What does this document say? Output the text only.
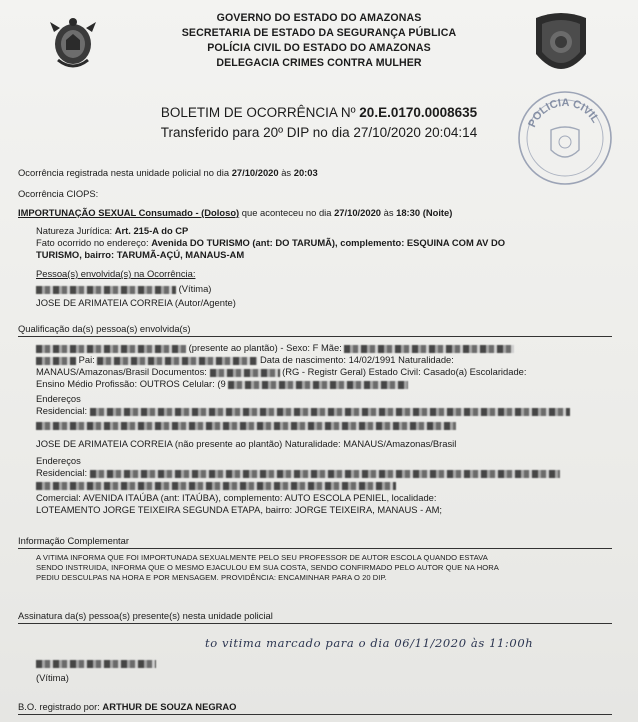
GOVERNO DO ESTADO DO AMAZONAS
SECRETARIA DE ESTADO DA SEGURANÇA PÚBLICA
POLÍCIA CIVIL DO ESTADO DO AMAZONAS
DELEGACIA CRIMES CONTRA MULHER
POLICIA CIVIL
BOLETIM DE OCORRÊNCIA Nº 20.E.0170.0008635
Transferido para 20º DIP no dia 27/10/2020 20:04:14
Ocorrência registrada nesta unidade policial no dia 27/10/2020 às 20:03
Ocorrência CIOPS:
IMPORTUNAÇÃO SEXUAL Consumado - (Doloso) que aconteceu no dia 27/10/2020 às 18:30 (Noite)
Natureza Jurídica: Art. 215-A do CP
Fato ocorrido no endereço: Avenida DO TURISMO (ant: DO TARUMÃ), complemento: ESQUINA COM AV DO
TURISMO, bairro: TARUMÃ-AÇÚ, MANAUS-AM
Pessoa(s) envolvida(s) na Ocorrência:
(Vítima)
JOSE DE ARIMATEIA CORREIA (Autor/Agente)
Qualificação da(s) pessoa(s) envolvida(s)
(presente ao plantão) - Sexo: F Mãe:
Pai:	Data de nascimento: 14/02/1991 Naturalidade:
MANAUS/Amazonas/Brasil Documentos:	(RG - Registr Geral) Estado Civil: Casado(a) Escolaridade:
Ensino Médio Profissão: OUTROS Celular: (9
Endereços
Residencial:
JOSE DE ARIMATEIA CORREIA (não presente ao plantão) Naturalidade: MANAUS/Amazonas/Brasil
Endereços
Residencial:
Comercial: AVENIDA ITAÚBA (ant: ITAÚBA), complemento: AUTO ESCOLA PENIEL, localidade:
LOTEAMENTO JORGE TEIXEIRA SEGUNDA ETAPA, bairro: JORGE TEIXEIRA, MANAUS - AM;
Informação Complementar
A VITIMA INFORMA QUE FOI IMPORTUNADA SEXUALMENTE PELO SEU PROFESSOR DE AUTOR ESCOLA QUANDO ESTAVA
SENDO INSTRUIDA, INFORMA QUE O MESMO EJACULOU EM SUA COSTA, SENDO CONFIRMADO PELO AUTOR QUE NA HORA
PEDIU DESCULPAS NA HORA E POR MENSAGEM. PROVIDÊNCIA: ENCAMINHAR PARA O 20 DIP.
Assinatura da(s) pessoa(s) presente(s) nesta unidade policial
to vitima marcado para o dia 06/11/2020 às 11:00h
(Vítima)
B.O. registrado por: ARTHUR DE SOUZA NEGRAO
